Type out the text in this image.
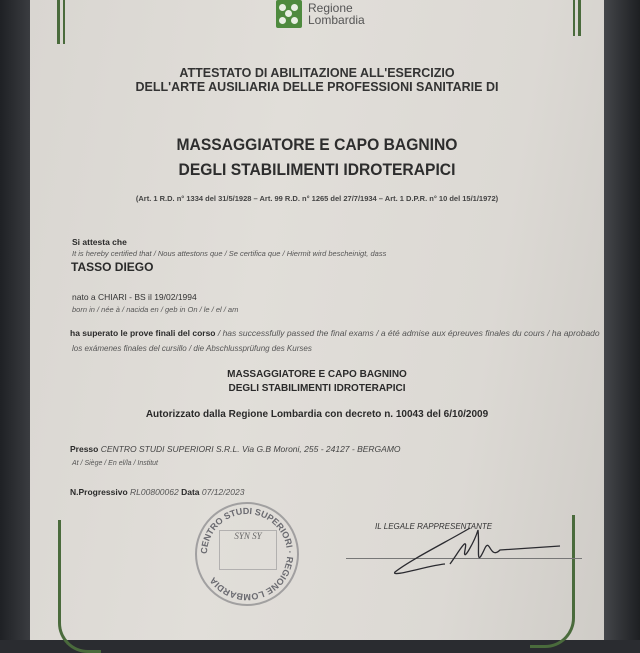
Regione
Lombardia
ATTESTATO DI ABILITAZIONE ALL'ESERCIZIO
DELL'ARTE AUSILIARIA DELLE PROFESSIONI SANITARIE DI
MASSAGGIATORE E CAPO BAGNINO
DEGLI STABILIMENTI IDROTERAPICI
(Art. 1 R.D. n° 1334 del 31/5/1928 – Art. 99 R.D. n° 1265 del 27/7/1934 – Art. 1 D.P.R. n° 10 del 15/1/1972)
Si attesta che
It is hereby certified that / Nous attestons que / Se certifica que / Hiermit wird bescheinigt, dass
TASSO DIEGO
nato a CHIARI - BS il 19/02/1994
born in / née à / nacida en / geb in On / le / el / am
ha superato le prove finali del corso / has successfully passed the final exams / a été admise aux épreuves finales du cours / ha aprobado
los exámenes finales del cursillo / die Abschlussprüfung des Kurses
MASSAGGIATORE E CAPO BAGNINO
DEGLI STABILIMENTI IDROTERAPICI
Autorizzato dalla Regione Lombardia con decreto n. 10043 del 6/10/2009
Presso CENTRO STUDI SUPERIORI S.R.L. Via G.B Moroni, 255 - 24127 - BERGAMO
At / Siège / En el/la / Institut
N.Progressivo RL00800062 Data 07/12/2023
CENTRO STUDI SUPERIORI · REGIONE LOMBARDIA
SYN SY
IL LEGALE RAPPRESENTANTE
